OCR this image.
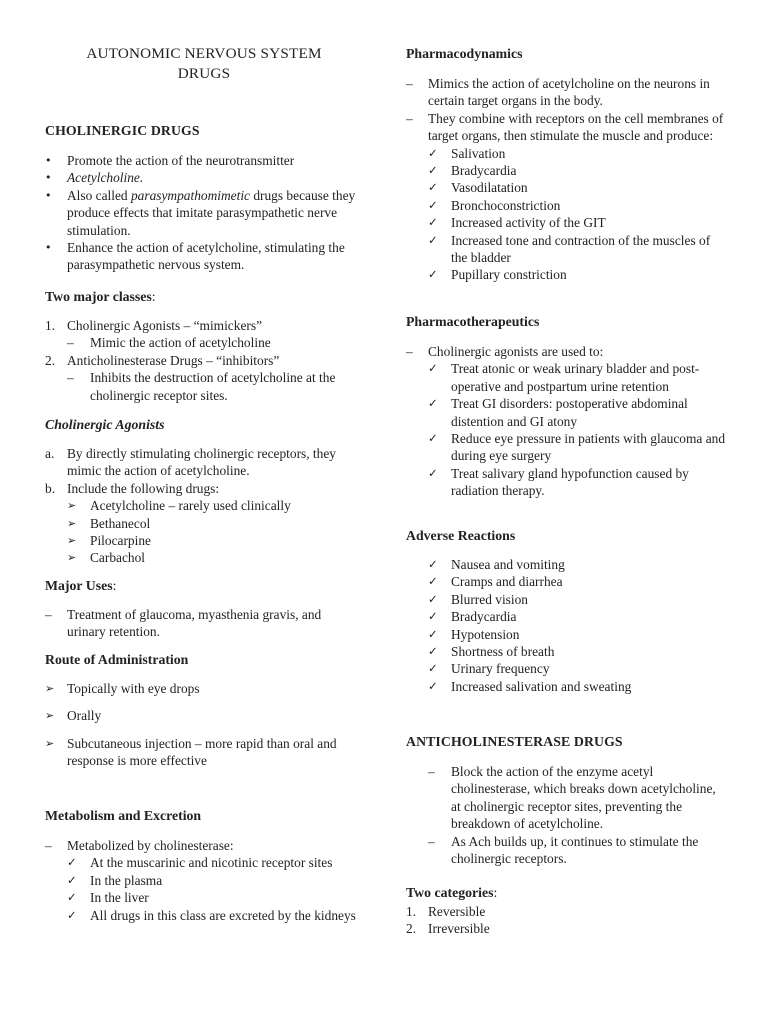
AUTONOMIC NERVOUS SYSTEM
DRUGS
CHOLINERGIC DRUGS
• Promote the action of the neurotransmitter
• Acetylcholine.
• Also called parasympathomimetic drugs because they produce effects that imitate parasympathetic nerve stimulation.
• Enhance the action of acetylcholine, stimulating the parasympathetic nervous system.
Two major classes:
1. Cholinergic Agonists – “mimickers”
– Mimic the action of acetylcholine
2. Anticholinesterase Drugs – “inhibitors”
– Inhibits the destruction of acetylcholine at the cholinergic receptor sites.
Cholinergic Agonists
a. By directly stimulating cholinergic receptors, they mimic the action of acetylcholine.
b. Include the following drugs:
➢ Acetylcholine – rarely used clinically
➢ Bethanecol
➢ Pilocarpine
➢ Carbachol
Major Uses:
– Treatment of glaucoma, myasthenia gravis, and urinary retention.
Route of Administration
➢ Topically with eye drops
➢ Orally
➢ Subcutaneous injection – more rapid than oral and response is more effective
Metabolism and Excretion
– Metabolized by cholinesterase:
✓ At the muscarinic and nicotinic receptor sites
✓ In the plasma
✓ In the liver
✓ All drugs in this class are excreted by the kidneys
Pharmacodynamics
– Mimics the action of acetylcholine on the neurons in certain target organs in the body.
– They combine with receptors on the cell membranes of target organs, then stimulate the muscle and produce:
✓ Salivation
✓ Bradycardia
✓ Vasodilatation
✓ Bronchoconstriction
✓ Increased activity of the GIT
✓ Increased tone and contraction of the muscles of the bladder
✓ Pupillary constriction
Pharmacotherapeutics
– Cholinergic agonists are used to:
✓ Treat atonic or weak urinary bladder and post- operative and postpartum urine retention
✓ Treat GI disorders: postoperative abdominal distention and GI atony
✓ Reduce eye pressure in patients with glaucoma and during eye surgery
✓ Treat salivary gland hypofunction caused by radiation therapy.
Adverse Reactions
✓ Nausea and vomiting
✓ Cramps and diarrhea
✓ Blurred vision
✓ Bradycardia
✓ Hypotension
✓ Shortness of breath
✓ Urinary frequency
✓ Increased salivation and sweating
ANTICHOLINESTERASE DRUGS
– Block the action of the enzyme acetyl cholinesterase, which breaks down acetylcholine, at cholinergic receptor sites, preventing the breakdown of acetylcholine.
– As Ach builds up, it continues to stimulate the cholinergic receptors.
Two categories:
1. Reversible
2. Irreversible
